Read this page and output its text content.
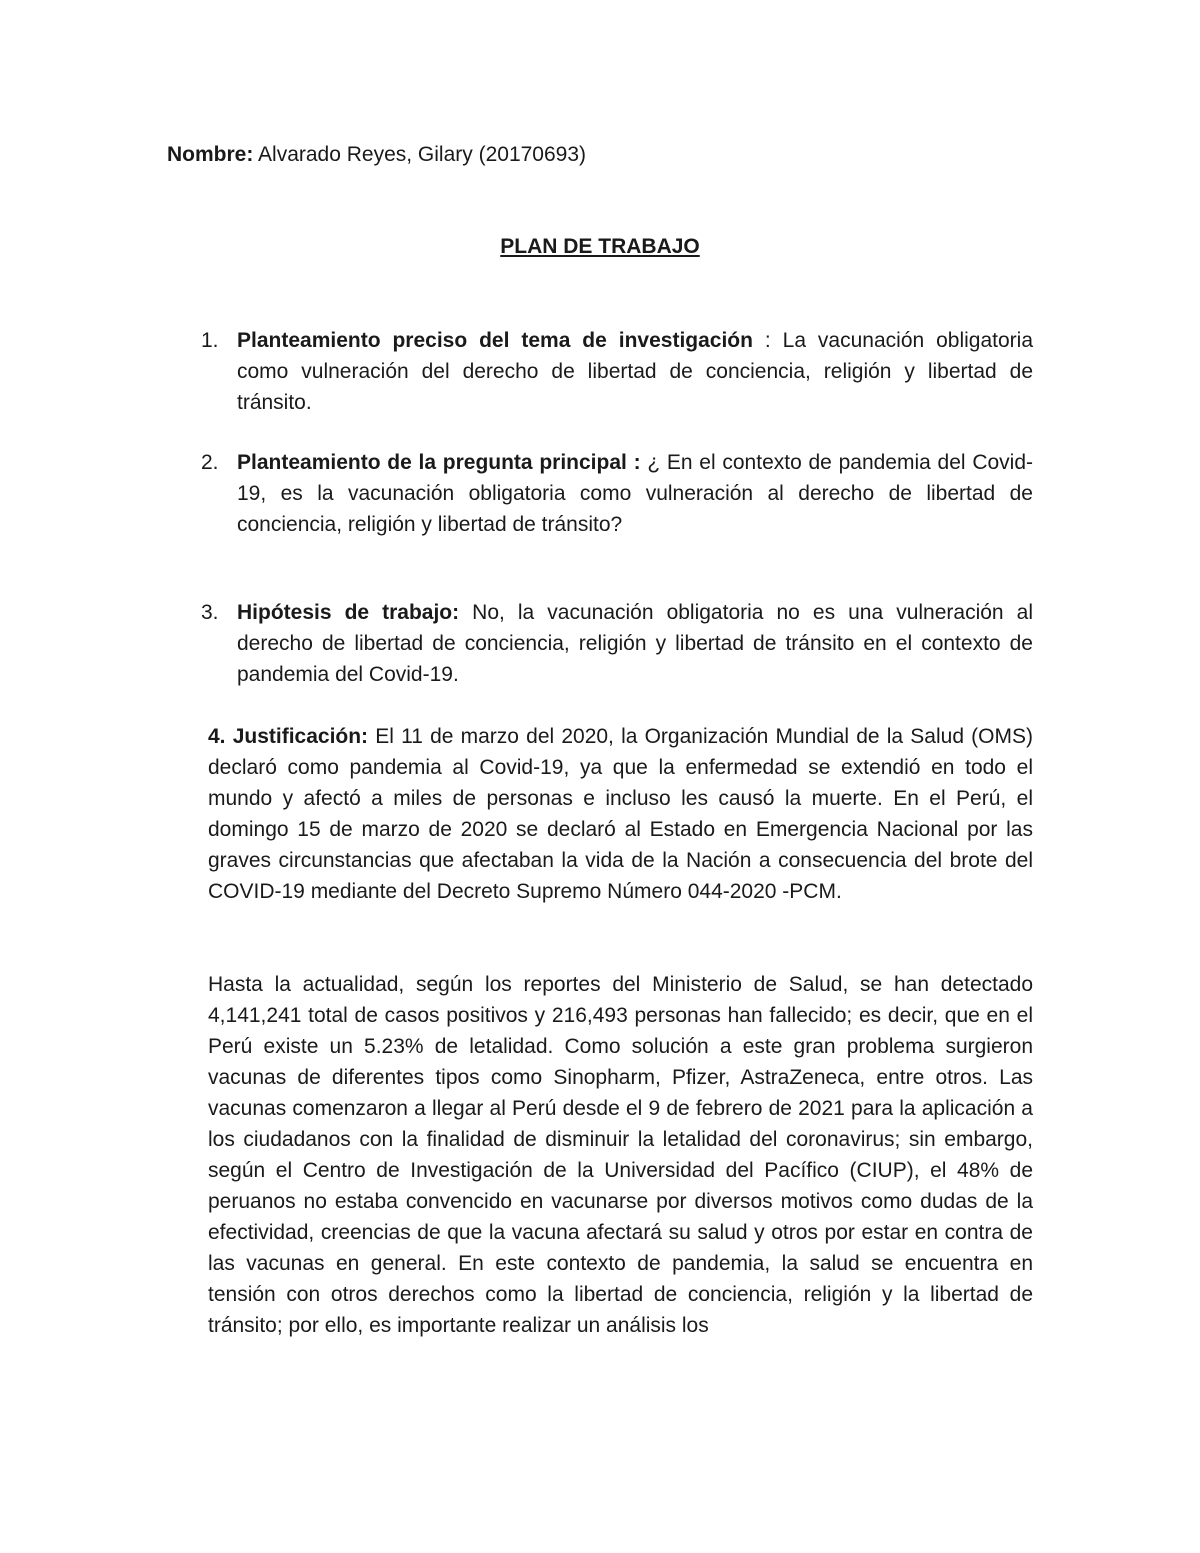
Nombre: Alvarado Reyes, Gilary (20170693)
PLAN DE TRABAJO
1. Planteamiento preciso del tema de investigación : La vacunación obligatoria como vulneración del derecho de libertad de conciencia, religión y libertad de tránsito.
2. Planteamiento de la pregunta principal : ¿ En el contexto de pandemia del Covid-19, es la vacunación obligatoria como vulneración al derecho de libertad de conciencia, religión y libertad de tránsito?
3. Hipótesis de trabajo: No, la vacunación obligatoria no es una vulneración al derecho de libertad de conciencia, religión y libertad de tránsito en el contexto de pandemia del Covid-19.
4. Justificación: El 11 de marzo del 2020, la Organización Mundial de la Salud (OMS) declaró como pandemia al Covid-19, ya que la enfermedad se extendió en todo el mundo y afectó a miles de personas e incluso les causó la muerte. En el Perú, el domingo 15 de marzo de 2020 se declaró al Estado en Emergencia Nacional por las graves circunstancias que afectaban la vida de la Nación a consecuencia del brote del COVID-19 mediante del Decreto Supremo Número 044-2020 -PCM.
Hasta la actualidad, según los reportes del Ministerio de Salud, se han detectado 4,141,241 total de casos positivos y 216,493 personas han fallecido; es decir, que en el Perú existe un 5.23% de letalidad. Como solución a este gran problema surgieron vacunas de diferentes tipos como Sinopharm, Pfizer, AstraZeneca, entre otros. Las vacunas comenzaron a llegar al Perú desde el 9 de febrero de 2021 para la aplicación a los ciudadanos con la finalidad de disminuir la letalidad del coronavirus; sin embargo, según el Centro de Investigación de la Universidad del Pacífico (CIUP), el 48% de peruanos no estaba convencido en vacunarse por diversos motivos como dudas de la efectividad, creencias de que la vacuna afectará su salud y otros por estar en contra de las vacunas en general. En este contexto de pandemia, la salud se encuentra en tensión con otros derechos como la libertad de conciencia, religión y la libertad de tránsito; por ello, es importante realizar un análisis los
